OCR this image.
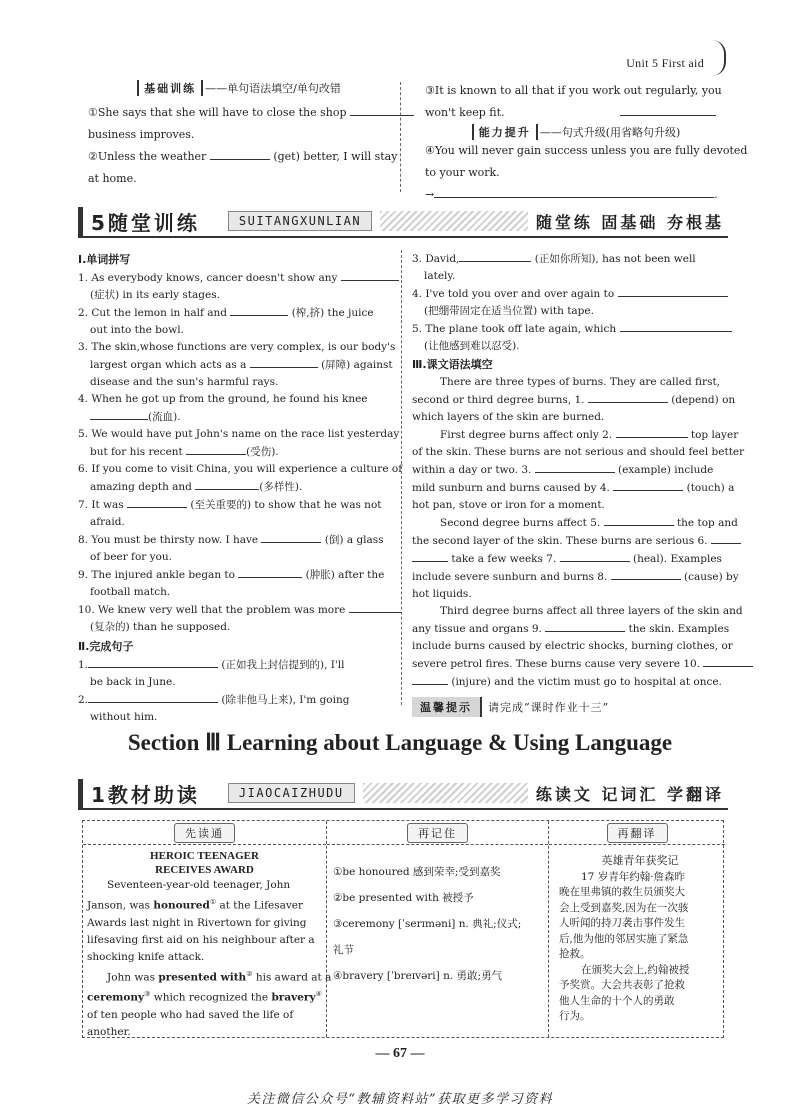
Unit 5 First aid
基础训练 ——单句语法填空/单句改错
①She says that she will have to close the shop
business improves.
②Unless the weather	(get) better, I will stay
at home.
③It is known to all that if you work out regularly, you
won't keep fit.
能力提升 ——句式升级(用省略句升级)
④You will never gain success unless you are fully devoted
to your work.
→	.
5随堂训练	SUITANGXUNLIAN	随堂练 固基础 夯根基
Ⅰ.单词拼写
1. As everybody knows, cancer doesn't show any
(症状) in its early stages.
2. Cut the lemon in half and	(榨,挤) the juice
out into the bowl.
3. The skin,whose functions are very complex, is our body's
largest organ which acts as a	(屏障) against
disease and the sun's harmful rays.
4. When he got up from the ground, he found his knee
(流血).
5. We would have put John's name on the race list yesterday
but for his recent	(受伤).
6. If you come to visit China, you will experience a culture of
amazing depth and	(多样性).
7. It was	(至关重要的) to show that he was not
afraid.
8. You must be thirsty now. I have	(倒) a glass
of beer for you.
9. The injured ankle began to	(肿胀) after the
football match.
10. We knew very well that the problem was more
(复杂的) than he supposed.
Ⅱ.完成句子
1.	(正如我上封信提到的), I'll
be back in June.
2.	(除非他马上来), I'm going
without him.
3. David,	(正如你所知), has not been well
lately.
4. I've told you over and over again to
(把绷带固定在适当位置) with tape.
5. The plane took off late again, which
(让他感到难以忍受).
Ⅲ.课文语法填空
There are three types of burns. They are called first,
second or third degree burns, 1.	(depend) on
which layers of the skin are burned.
First degree burns affect only 2.	top layer
of the skin. These burns are not serious and should feel better
within a day or two. 3.	(example) include
mild sunburn and burns caused by 4.	(touch) a
hot pan, stove or iron for a moment.
Second degree burns affect 5.	the top and
the second layer of the skin. These burns are serious 6.
take a few weeks 7.	(heal). Examples
include severe sunburn and burns 8.	(cause) by
hot liquids.
Third degree burns affect all three layers of the skin and
any tissue and organs 9.	the skin. Examples
include burns caused by electric shocks, burning clothes, or
severe petrol fires. These burns cause very severe 10.
(injure) and the victim must go to hospital at once.
温馨提示	请完成“课时作业十三”
Section Ⅲ Learning about Language & Using Language
1教材助读	JIAOCAIZHUDU	练读文 记词汇 学翻译
先读通
HEROIC TEENAGER
RECEIVES AWARD
Seventeen-year-old teenager, John
Janson, was honoured① at the Lifesaver
Awards last night in Rivertown for giving
lifesaving first aid on his neighbour after a
shocking knife attack.
John was presented with② his award at a
ceremony③ which recognized the bravery④
of ten people who had saved the life of
another.
再记住
①be honoured 感到荣幸;受到嘉奖
②be presented with 被授予
③ceremony [ˈserɪməni] n. 典礼;仪式;
礼节
④bravery [ˈbreɪvəri] n. 勇敢;勇气
再翻译
英雄青年获奖记
17 岁青年约翰·詹森昨
晚在里弗镇的救生员颁奖大
会上受到嘉奖,因为在一次骇
人听闻的持刀袭击事件发生
后,他为他的邻居实施了紧急
抢救。
在颁奖大会上,约翰被授
予奖赏。大会共表彰了抢救
他人生命的十个人的勇敢
行为。
— 67 —
关注微信公众号“教辅资料站”获取更多学习资料
